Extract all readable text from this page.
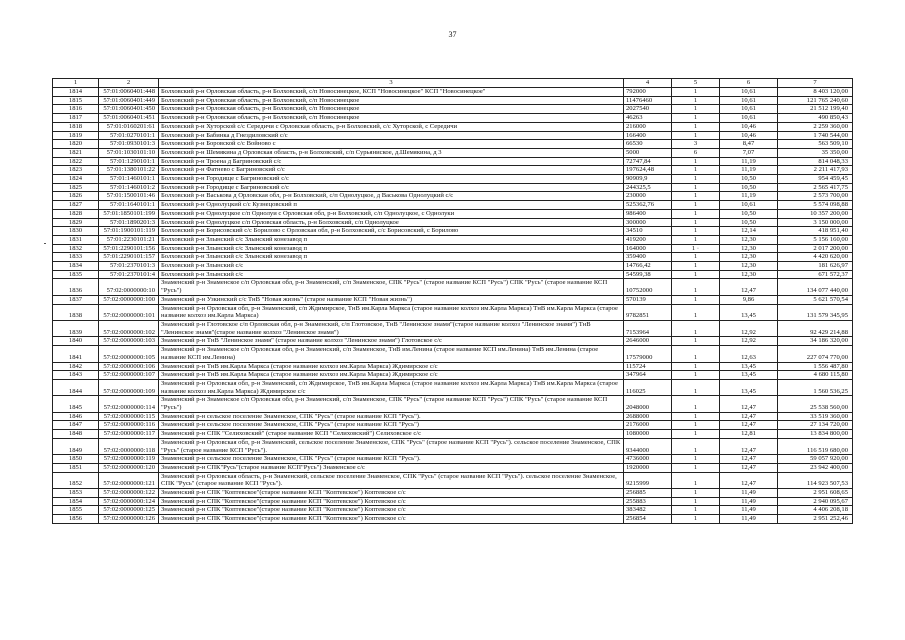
37
1	2	3	4	5	6	7
1814	57:01:0060401:448	Болховский р-н Орловская область, р-н Болховский, с/п Новосинецкое, КСП "Новосинецкое" КСП "Новосинецкое"	792000	1	10,61	8 403 120,00
1815	57:01:0060401:449	Болховский р-н Орловская область, р-н Болховский, с/п Новосинецкое	11476460	1	10,61	121 765 240,60
1816	57:01:0060401:450	Болховский р-н Орловская область, р-н Болховский, с/п Новосинецкое	2027540	1	10,61	21 512 199,40
1817	57:01:0060401:451	Болховский р-н Орловская область, р-н Болховский, с/п Новосинецкое	46263	1	10,61	490 850,43
1818	57:01:0160201:61	Болховский р-н Хуторской с/с Середичи с Орловская область, р-н Болховский, с/с Хуторской, с Середичи	216000	1	10,46	2 259 360,00
1819	57:01:0270101:1	Болховский р-н Бабинка д Гнездиловский с/с	166400	1	10,46	1 740 544,00
1820	57:01:0930101:3	Болховский р-н Боровской с/с Войново с	66530	3	8,47	563 509,10
1821	57:01:1030101:10	Болховский р-н Шемякина д Орловская область, р-н Болховский, с/п Сурьяниское, д.Шемякина, д 3	5000	6	7,07	35 350,00
1822	57:01:1290101:1	Болховский р-н Троена д Багриновский с/с	72747,84	1	11,19	814 048,33
1823	57:01:1380101:22	Болховский р-н Фатнево с Багриновский с/с	197624,48	1	11,19	2 211 417,93
1824	57:01:1460101:1	Болховский р-н Городище с Багриновский с/с	90909,9	1	10,50	954 459,45
1825	57:01:1460101:2	Болховский р-н Городище с Багриновский с/с	244325,5	1	10,50	2 565 417,75
1826	57:01:1500101:46	Болховский р-н Васькова д Орловская обл, р-н Болховский, с/п Однолуцкое, д Васькова Однолуцкий с/с	230000	1	11,19	2 573 700,00
1827	57:01:1640101:1	Болховский р-н Однолуцкий с/с Кузнецовский п	525362,76	1	10,61	5 574 098,88
1828	57:01:1850101:199	Болховский р-н Однолуцкое с/п Однолуи с Орловская обл, р-н Болховский, с/п Однолуцкое, с Однолуки	986400	1	10,50	10 357 200,00
1829	57:01:1890201:3	Болховский р-н Однолуцкое с/п Орловская область, р-н Болховский, с/п Однолуцкое	300000	1	10,50	3 150 000,00
1830	57:01:1900101:119	Болховский р-н Борисовский с/с Борилово с Орловская обл, р-н Болховский, с/с Борисовский, с Борилово	34510	1	12,14	418 951,40
1831	57:01:2230101:21	Болховский р-н Злынский с/с Злынский конезавод п	419200	1	12,30	5 156 160,00
1832	57:01:2290101:156	Болховский р-н Злынский с/с Злынский конезавод п	164000	1 ·	12,30	2 017 200,00
1833	57:01:2290101:157	Болховский р-н Злынский с/с Злынский конезавод п	359400	1	12,30	4 420 620,00
1834	57:01:2370101:3	Болховский р-н Злынский с/с	14766,42	1	12,30	181 626,97
1835	57:01:2370101:4	Болховский р-н Злынский с/с	54599,38	1	12,30	671 572,37
1836	57:02:0000000:10	Знаменский р-н Знаменское с/п Орловская обл, р-н Знаменский, с/п Знаменское, СПК "Русь" (старое название КСП "Русь") СПК "Русь" (старое название КСП "Русь")	10752000	1	12,47	134 077 440,00
1837	57:02:0000000:100	Знаменский р-н Узкинский с/с ТнВ "Новая жизнь" (старое название КСП "Новая жизнь")	570139	1	9,86	5 621 570,54
1838	57:02:0000000:101	Знаменский р-н Орловская обл, р-н Знаменский, с/п Ждимирское, ТнВ им.Карла Маркса (старое название колхоз им.Карла Маркса) ТнВ им.Карла Маркса (старое название колхоз им.Карла Маркса)	9782851	1	13,45	131 579 345,95
1839	57:02:0000000:102	Знаменский р-н Глотовское с/п Орловская обл, р-н Знаменский, с/п Глотовское, ТнВ "Ленинское знамя"(старое название колхоз "Ленинское знамя") ТнВ "Ленинское знамя"(старое название колхоз "Ленинское знамя")	7153964	1	12,92	92 429 214,88
1840	57:02:0000000:103	Знаменский р-н ТнВ "Ленинское знамя" (старое название колхоз "Ленинское знамя") Глотовское с/с	2646000	1	12,92	34 186 320,00
1841	57:02:0000000:105	Знаменский р-н Знаменское с/п Орловская обл, р-н Знаменский, с/п Знаменское, ТнВ им.Ленина (старое название КСП им.Ленина) ТнВ им.Ленина (старое название КСП им.Ленина)	17579000	1	12,63	227 074 770,00
1842	57:02:0000000:106	Знаменский р-н ТнВ им.Карла Маркса (старое название колхоз им.Карла Маркса) Ждимирское с/с	115724	1	13,45	1 556 487,80
1843	57:02:0000000:107	Знаменский р-н ТнВ им.Карла Маркса (старое название колхоз им.Карла Маркса) Ждимирское с/с	347964	1	13,45	4 680 115,80
1844	57:02:0000000:109	Знаменский р-н Орловская обл, р-н Знаменский, с/п Ждимирское, ТнВ им.Карла Маркса (старое название колхоз им.Карла Маркса) ТнВ им.Карла Маркса (старое название колхоз им.Карла Маркса) Ждимирское с/с	116025	1	13,45	1 560 536,25
1845	57:02:0000000:114	Знаменский р-н Знаменское с/п Орловская обл, р-н Знаменский, с/п Знаменское, СПК "Русь" (старое название КСП "Русь") СПК "Русь" (старое название КСП "Русь")	2048000	1	12,47	25 538 560,00
1846	57:02:0000000:115	Знаменский р-н сельское поселение Знаменское, СПК "Русь" (старое название КСП "Русь").	2688000	1	12,47	33 519 360,00
1847	57:02:0000000:116	Знаменский р-н сельское поселение Знаменское, СПК "Русь" (старое название КСП "Русь")	2176000	1	12,47	27 134 720,00
1848	57:02:0000000:117	Знаменский р-н СПК "Селиховский" (старое название КСП "Селиховский") Селиховское с/с	1080000	1	12,81	13 834 800,00
1849	57:02:0000000:118	Знаменский р-н Орловская обл, р-н Знаменский, сельское поселение Знаменское, СПК "Русь" (старое название КСП "Русь"). сельское поселение Знаменское, СПК "Русь" (старое название КСП "Русь").	9344000	1	12,47	116 519 680,00
1850	57:02:0000000:119	Знаменский р-н сельское поселение Знаменское, СПК "Русь" (старое название КСП "Русь").	4736000	1	12,47	59 057 920,00
1851	57:02:0000000:120	Знаменский р-н СПК"Русь"(старое название КСП"Русь") Знаменское с/с	1920000	1	12,47	23 942 400,00
1852	57:02:0000000:121	Знаменский р-н Орловская область, р-н Знаменский, сельское поселение Знаменское, СПК "Русь" (старое название КСП "Русь"). сельское поселение Знаменское, СПК "Русь" (старое название КСП "Русь").	9215999	1	12,47	114 923 507,53
1853	57:02:0000000:122	Знаменский р-н СПК "Коптевское"(старое название КСП "Коптевское") Коптевское с/с	256885	1	11,49	2 951 608,65
1854	57:02:0000000:124	Знаменский р-н СПК "Коптевское"(старое название КСП "Коптевское") Коптевское с/с	255883	1	11,49	2 940 095,67
1855	57:02:0000000:125	Знаменский р-н СПК "Коптевское"(старое название КСП "Коптевское") Коптевское с/с	383482	1	11,49	4 406 208,18
1856	57:02:0000000:126	Знаменский р-н СПК "Коптевское"(старое название КСП "Коптевское") Коптевское с/с	256854	1	11,49	2 951 252,46
